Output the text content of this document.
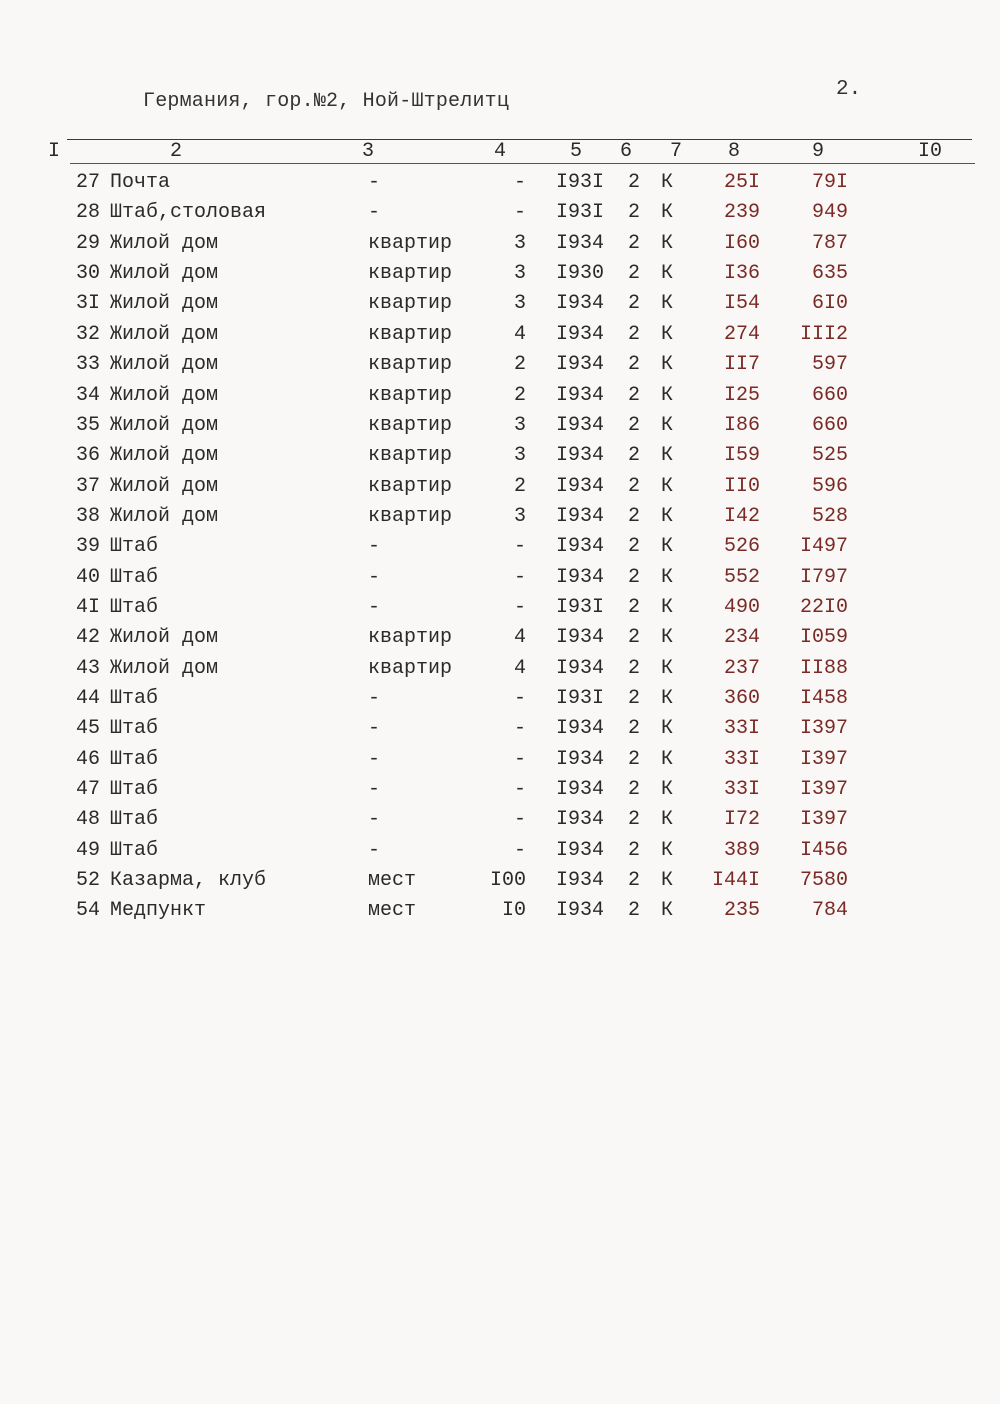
Германия, гор.№2, Ной-Штрелитц
2.
I	2	3	4	5	6	7	8	9	I0
27 Почта	-	-	I93I	2 К	25I	79I
28 Штаб,столовая	-	-	I93I	2 К	239	949
29 Жилой дом	квартир	3	I934	2 К	I60	787
30 Жилой дом	квартир	3	I930	2 К	I36	635
3I Жилой дом	квартир	3	I934	2 К	I54	6I0
32 Жилой дом	квартир	4	I934	2 К	274	III2
33 Жилой дом	квартир	2	I934	2 К	II7	597
34 Жилой дом	квартир	2	I934	2 К	I25	660
35 Жилой дом	квартир	3	I934	2 К	I86	660
36 Жилой дом	квартир	3	I934	2 К	I59	525
37 Жилой дом	квартир	2	I934	2 К	II0	596
38 Жилой дом	квартир	3	I934	2 К	I42	528
39 Штаб	-	-	I934	2 К	526	I497
40 Штаб	-	-	I934	2 К	552	I797
4I Штаб	-	-	I93I	2 К	490	22I0
42 Жилой дом	квартир	4	I934	2 К	234	I059
43 Жилой дом	квартир	4	I934	2 К	237	II88
44 Штаб	-	-	I93I	2 К	360	I458
45 Штаб	-	-	I934	2 К	33I	I397
46 Штаб	-	-	I934	2 К	33I	I397
47 Штаб	-	-	I934	2 К	33I	I397
48 Штаб	-	-	I934	2 К	I72	I397
49 Штаб	-	-	I934	2 К	389	I456
52 Казарма, клуб	мест	I00	I934	2 К	I44I	7580
54 Медпункт	мест	I0	I934	2 К	235	784
